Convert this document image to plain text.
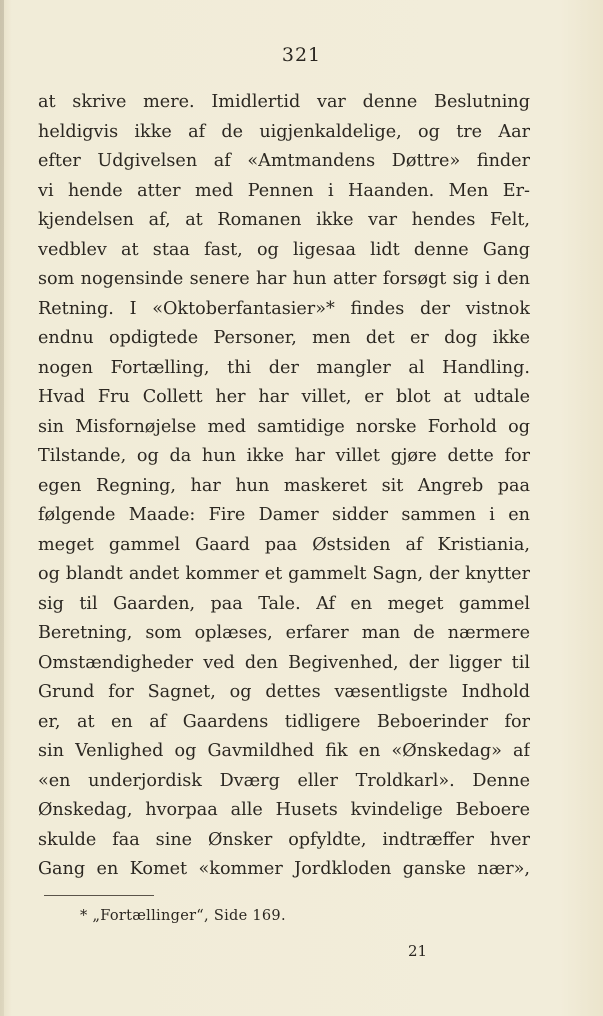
321
at skrive mere. Imidlertid var denne Beslutning
heldigvis ikke af de uigjenkaldelige, og tre Aar
efter Udgivelsen af «Amtmandens Døttre» finder
vi hende atter med Pennen i Haanden. Men Er-
kjendelsen af, at Romanen ikke var hendes Felt,
vedblev at staa fast, og ligesaa lidt denne Gang
som nogensinde senere har hun atter forsøgt sig i den
Retning. I «Oktoberfantasier»* findes der vistnok
endnu opdigtede Personer, men det er dog ikke
nogen Fortælling, thi der mangler al Handling.
Hvad Fru Collett her har villet, er blot at udtale
sin Misfornøjelse med samtidige norske Forhold og
Tilstande, og da hun ikke har villet gjøre dette for
egen Regning, har hun maskeret sit Angreb paa
følgende Maade: Fire Damer sidder sammen i en
meget gammel Gaard paa Østsiden af Kristiania,
og blandt andet kommer et gammelt Sagn, der knytter
sig til Gaarden, paa Tale. Af en meget gammel
Beretning, som oplæses, erfarer man de nærmere
Omstændigheder ved den Begivenhed, der ligger til
Grund for Sagnet, og dettes væsentligste Indhold
er, at en af Gaardens tidligere Beboerinder for
sin Venlighed og Gavmildhed fik en «Ønskedag» af
«en underjordisk Dværg eller Troldkarl». Denne
Ønskedag, hvorpaa alle Husets kvindelige Beboere
skulde faa sine Ønsker opfyldte, indtræffer hver
Gang en Komet «kommer Jordkloden ganske nær»,
* „Fortællinger“, Side 169.
21
